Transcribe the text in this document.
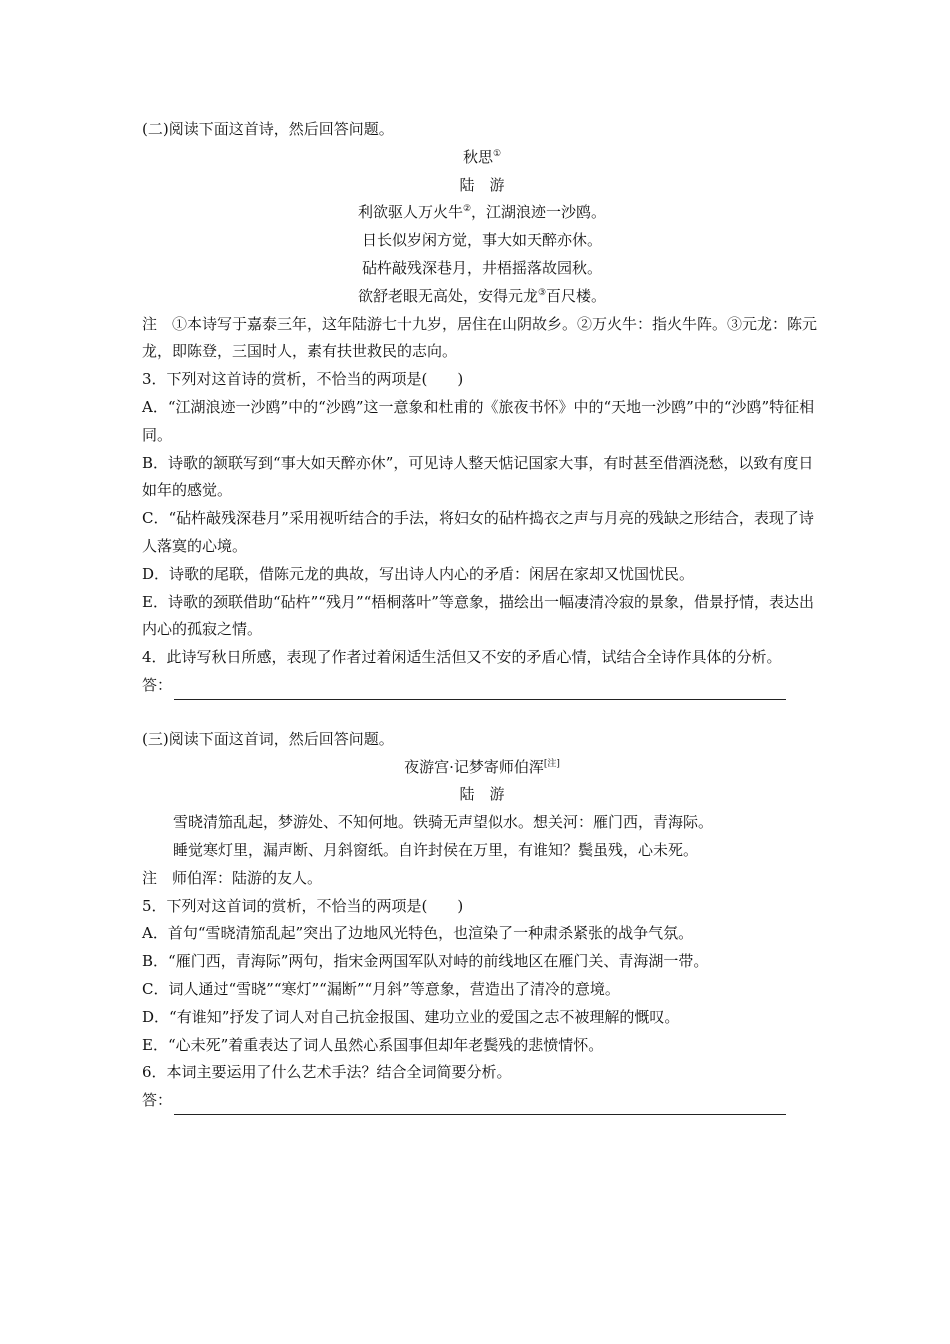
(二)阅读下面这首诗，然后回答问题。
秋思①
陆　游
利欲驱人万火牛②，江湖浪迹一沙鸥。
日长似岁闲方觉，事大如天醉亦休。
砧杵敲残深巷月，井梧摇落故园秋。
欲舒老眼无高处，安得元龙③百尺楼。
注　①本诗写于嘉泰三年，这年陆游七十九岁，居住在山阴故乡。②万火牛：指火牛阵。③元龙：陈元龙，即陈登，三国时人，素有扶世救民的志向。
3．下列对这首诗的赏析，不恰当的两项是(　　)
A．“江湖浪迹一沙鸥”中的“沙鸥”这一意象和杜甫的《旅夜书怀》中的“天地一沙鸥”中的“沙鸥”特征相同。
B．诗歌的颔联写到“事大如天醉亦休”，可见诗人整天惦记国家大事，有时甚至借酒浇愁，以致有度日如年的感觉。
C．“砧杵敲残深巷月”采用视听结合的手法，将妇女的砧杵捣衣之声与月亮的残缺之形结合，表现了诗人落寞的心境。
D．诗歌的尾联，借陈元龙的典故，写出诗人内心的矛盾：闲居在家却又忧国忧民。
E．诗歌的颈联借助“砧杵”“残月”“梧桐落叶”等意象，描绘出一幅凄清冷寂的景象，借景抒情，表达出内心的孤寂之情。
4．此诗写秋日所感，表现了作者过着闲适生活但又不安的矛盾心情，试结合全诗作具体的分析。
答：
(三)阅读下面这首词，然后回答问题。
夜游宫·记梦寄师伯浑[注]
陆　游
雪晓清笳乱起，梦游处、不知何地。铁骑无声望似水。想关河：雁门西，青海际。
睡觉寒灯里，漏声断、月斜窗纸。自许封侯在万里，有谁知？鬓虽残，心未死。
注　师伯浑：陆游的友人。
5．下列对这首词的赏析，不恰当的两项是(　　)
A．首句“雪晓清笳乱起”突出了边地风光特色，也渲染了一种肃杀紧张的战争气氛。
B．“雁门西，青海际”两句，指宋金两国军队对峙的前线地区在雁门关、青海湖一带。
C．词人通过“雪晓”“寒灯”“漏断”“月斜”等意象，营造出了清冷的意境。
D．“有谁知”抒发了词人对自己抗金报国、建功立业的爱国之志不被理解的慨叹。
E．“心未死”着重表达了词人虽然心系国事但却年老鬓残的悲愤情怀。
6．本词主要运用了什么艺术手法？结合全词简要分析。
答：
